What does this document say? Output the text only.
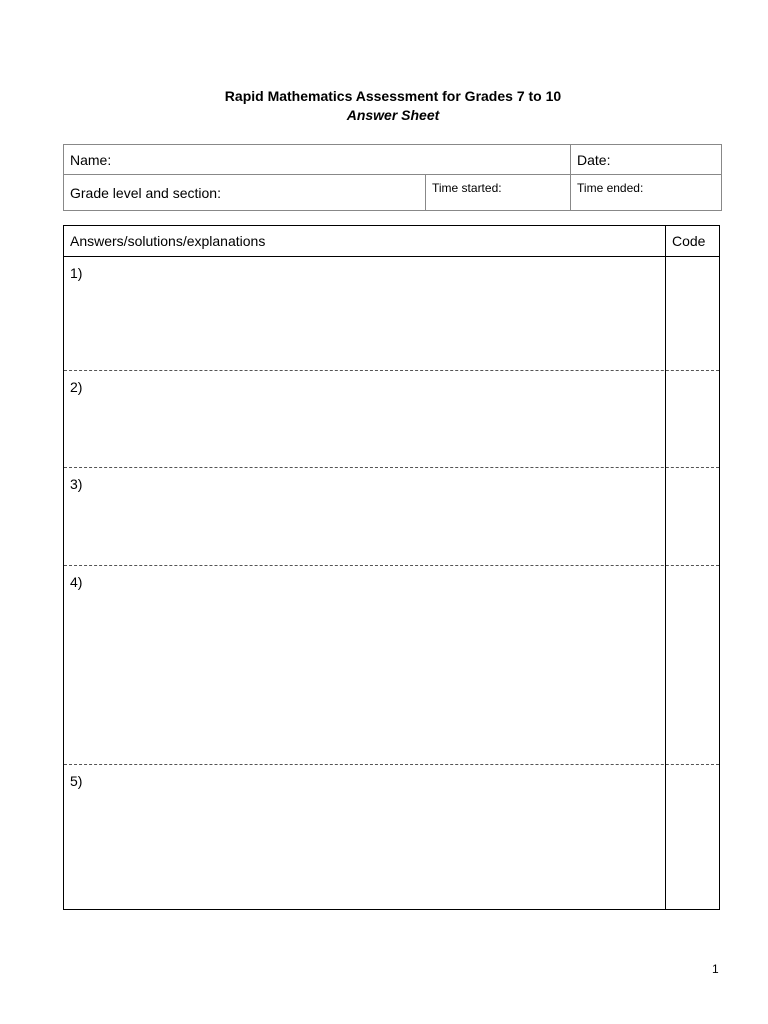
Rapid Mathematics Assessment for Grades 7 to 10
Answer Sheet
Name:		Date:
Grade level and section:	Time started:	Time ended:
Answers/solutions/explanations	Code
1)
2)
3)
4)
5)
1
